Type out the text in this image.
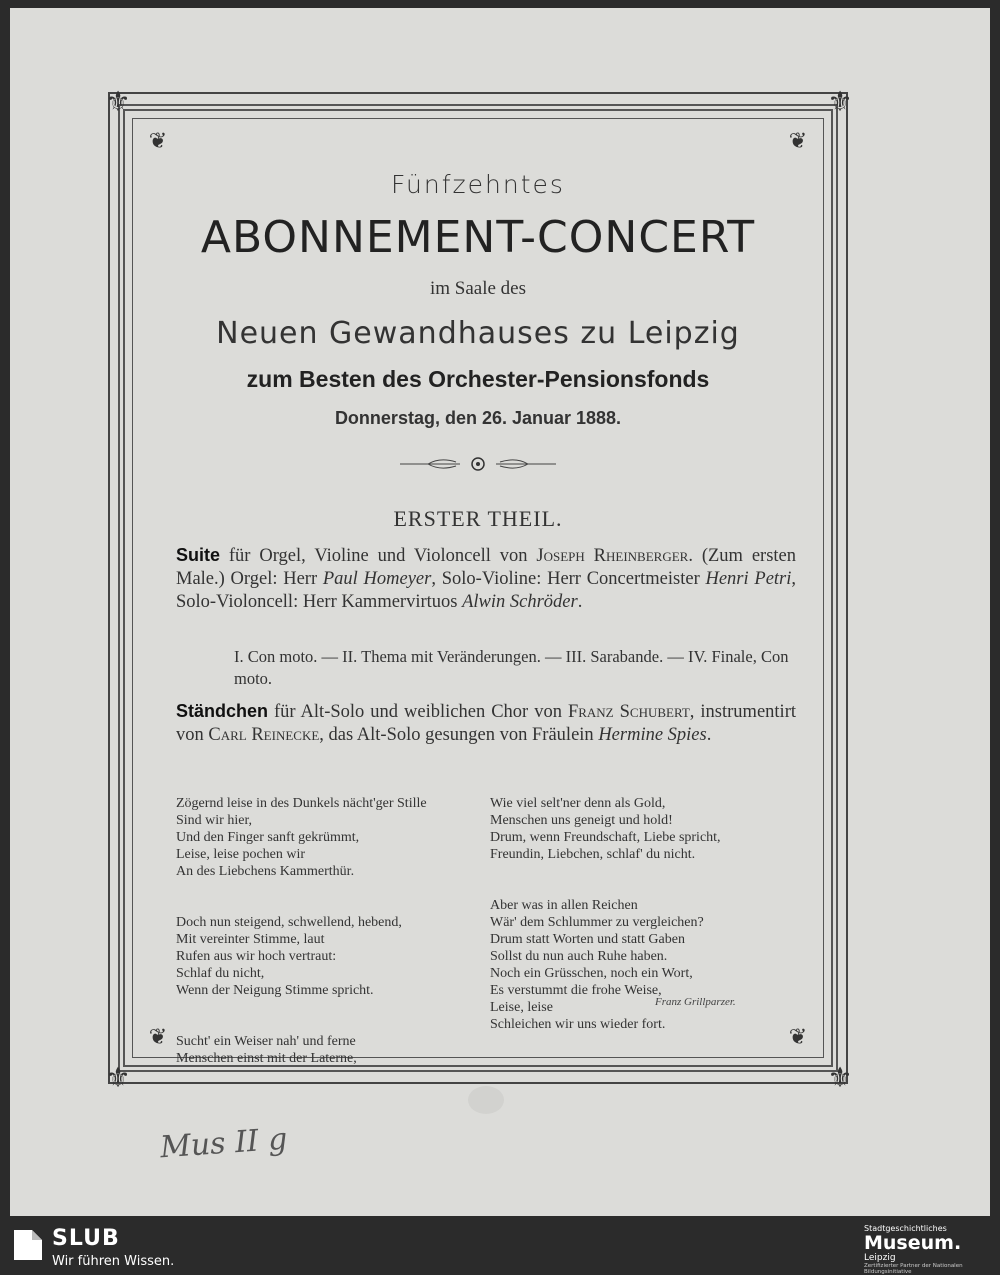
⚜	⚜
⚜	⚜
❦	❦
❦	❦
Fünfzehntes
ABONNEMENT-CONCERT
im Saale des
Neuen Gewandhauses zu Leipzig
zum Besten des Orchester-Pensionsfonds
Donnerstag, den 26. Januar 1888.
ERSTER THEIL.
Suite für Orgel, Violine und Violoncell von Joseph Rheinberger. (Zum ersten Male.) Orgel: Herr Paul Homeyer, Solo-Violine: Herr Concertmeister Henri Petri, Solo-Violoncell: Herr Kammervirtuos Alwin Schröder.
I. Con moto. — II. Thema mit Veränderungen. — III. Sarabande. — IV. Finale, Con moto.
Ständchen für Alt-Solo und weiblichen Chor von Franz Schubert, instrumentirt von Carl Reinecke, das Alt-Solo gesungen von Fräulein Hermine Spies.

Zögernd leise in des Dunkels nächt'ger Stille
Sind wir hier,
Und den Finger sanft gekrümmt,
Leise, leise pochen wir
An des Liebchens Kammerthür.

Doch nun steigend, schwellend, hebend,
Mit vereinter Stimme, laut
Rufen aus wir hoch vertraut:
Schlaf du nicht,
Wenn der Neigung Stimme spricht.

Sucht' ein Weiser nah' und ferne
Menschen einst mit der Laterne,

Wie viel selt'ner denn als Gold,
Menschen uns geneigt und hold!
Drum, wenn Freundschaft, Liebe spricht,
Freundin, Liebchen, schlaf' du nicht.

Aber was in allen Reichen
Wär' dem Schlummer zu vergleichen?
Drum statt Worten und statt Gaben
Sollst du nun auch Ruhe haben.
Noch ein Grüsschen, noch ein Wort,
Es verstummt die frohe Weise,
Leise, leise
Schleichen wir uns wieder fort.

Franz Grillparzer.
Mus II g
SLUB
Wir führen Wissen.
Stadtgeschichtliches
Museum.
Leipzig
Zertifizierter Partner der Nationalen Bildungsinitiative
